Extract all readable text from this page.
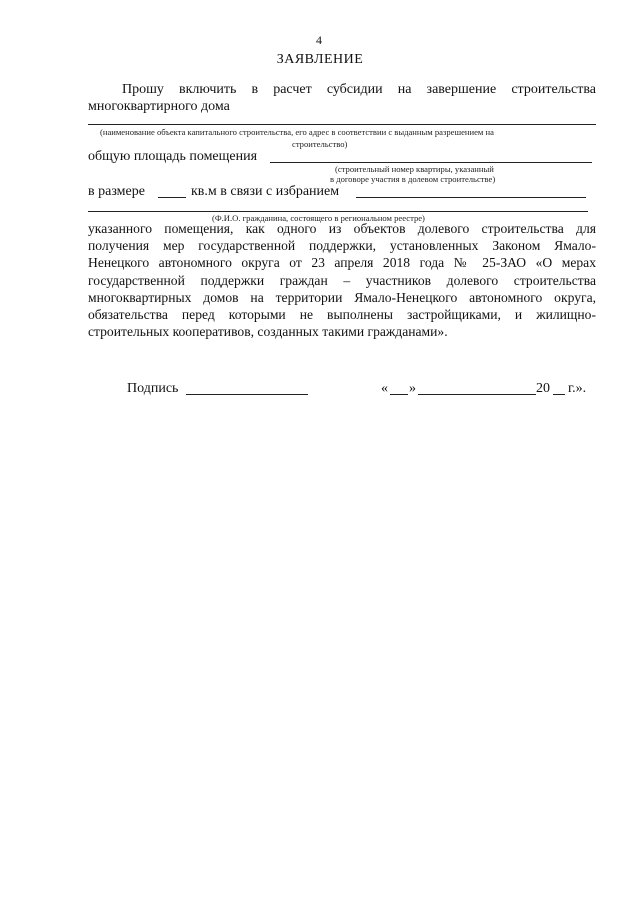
4
ЗАЯВЛЕНИЕ
Прошу включить в расчет субсидии на завершение строительства
многоквартирного дома
(наименование объекта капитального строительства, его адрес в соответствии с выданным разрешением на
строительство)
общую площадь помещения
(строительный номер квартиры, указанный
в договоре участия в долевом строительстве)
в размере	кв.м в связи с избранием
(Ф.И.О. гражданина, состоящего в региональном реестре)
указанного помещения, как одного из объектов долевого строительства для
получения мер государственной поддержки, установленных Законом Ямало-
Ненецкого автономного округа от 23 апреля 2018 года № 25-ЗАО «О мерах
государственной поддержки граждан – участников долевого строительства
многоквартирных домов на территории Ямало-Ненецкого автономного округа,
обязательства перед которыми не выполнены застройщиками, и жилищно-
строительных кооперативов, созданных такими гражданами».
Подпись	« »	20 г.».
